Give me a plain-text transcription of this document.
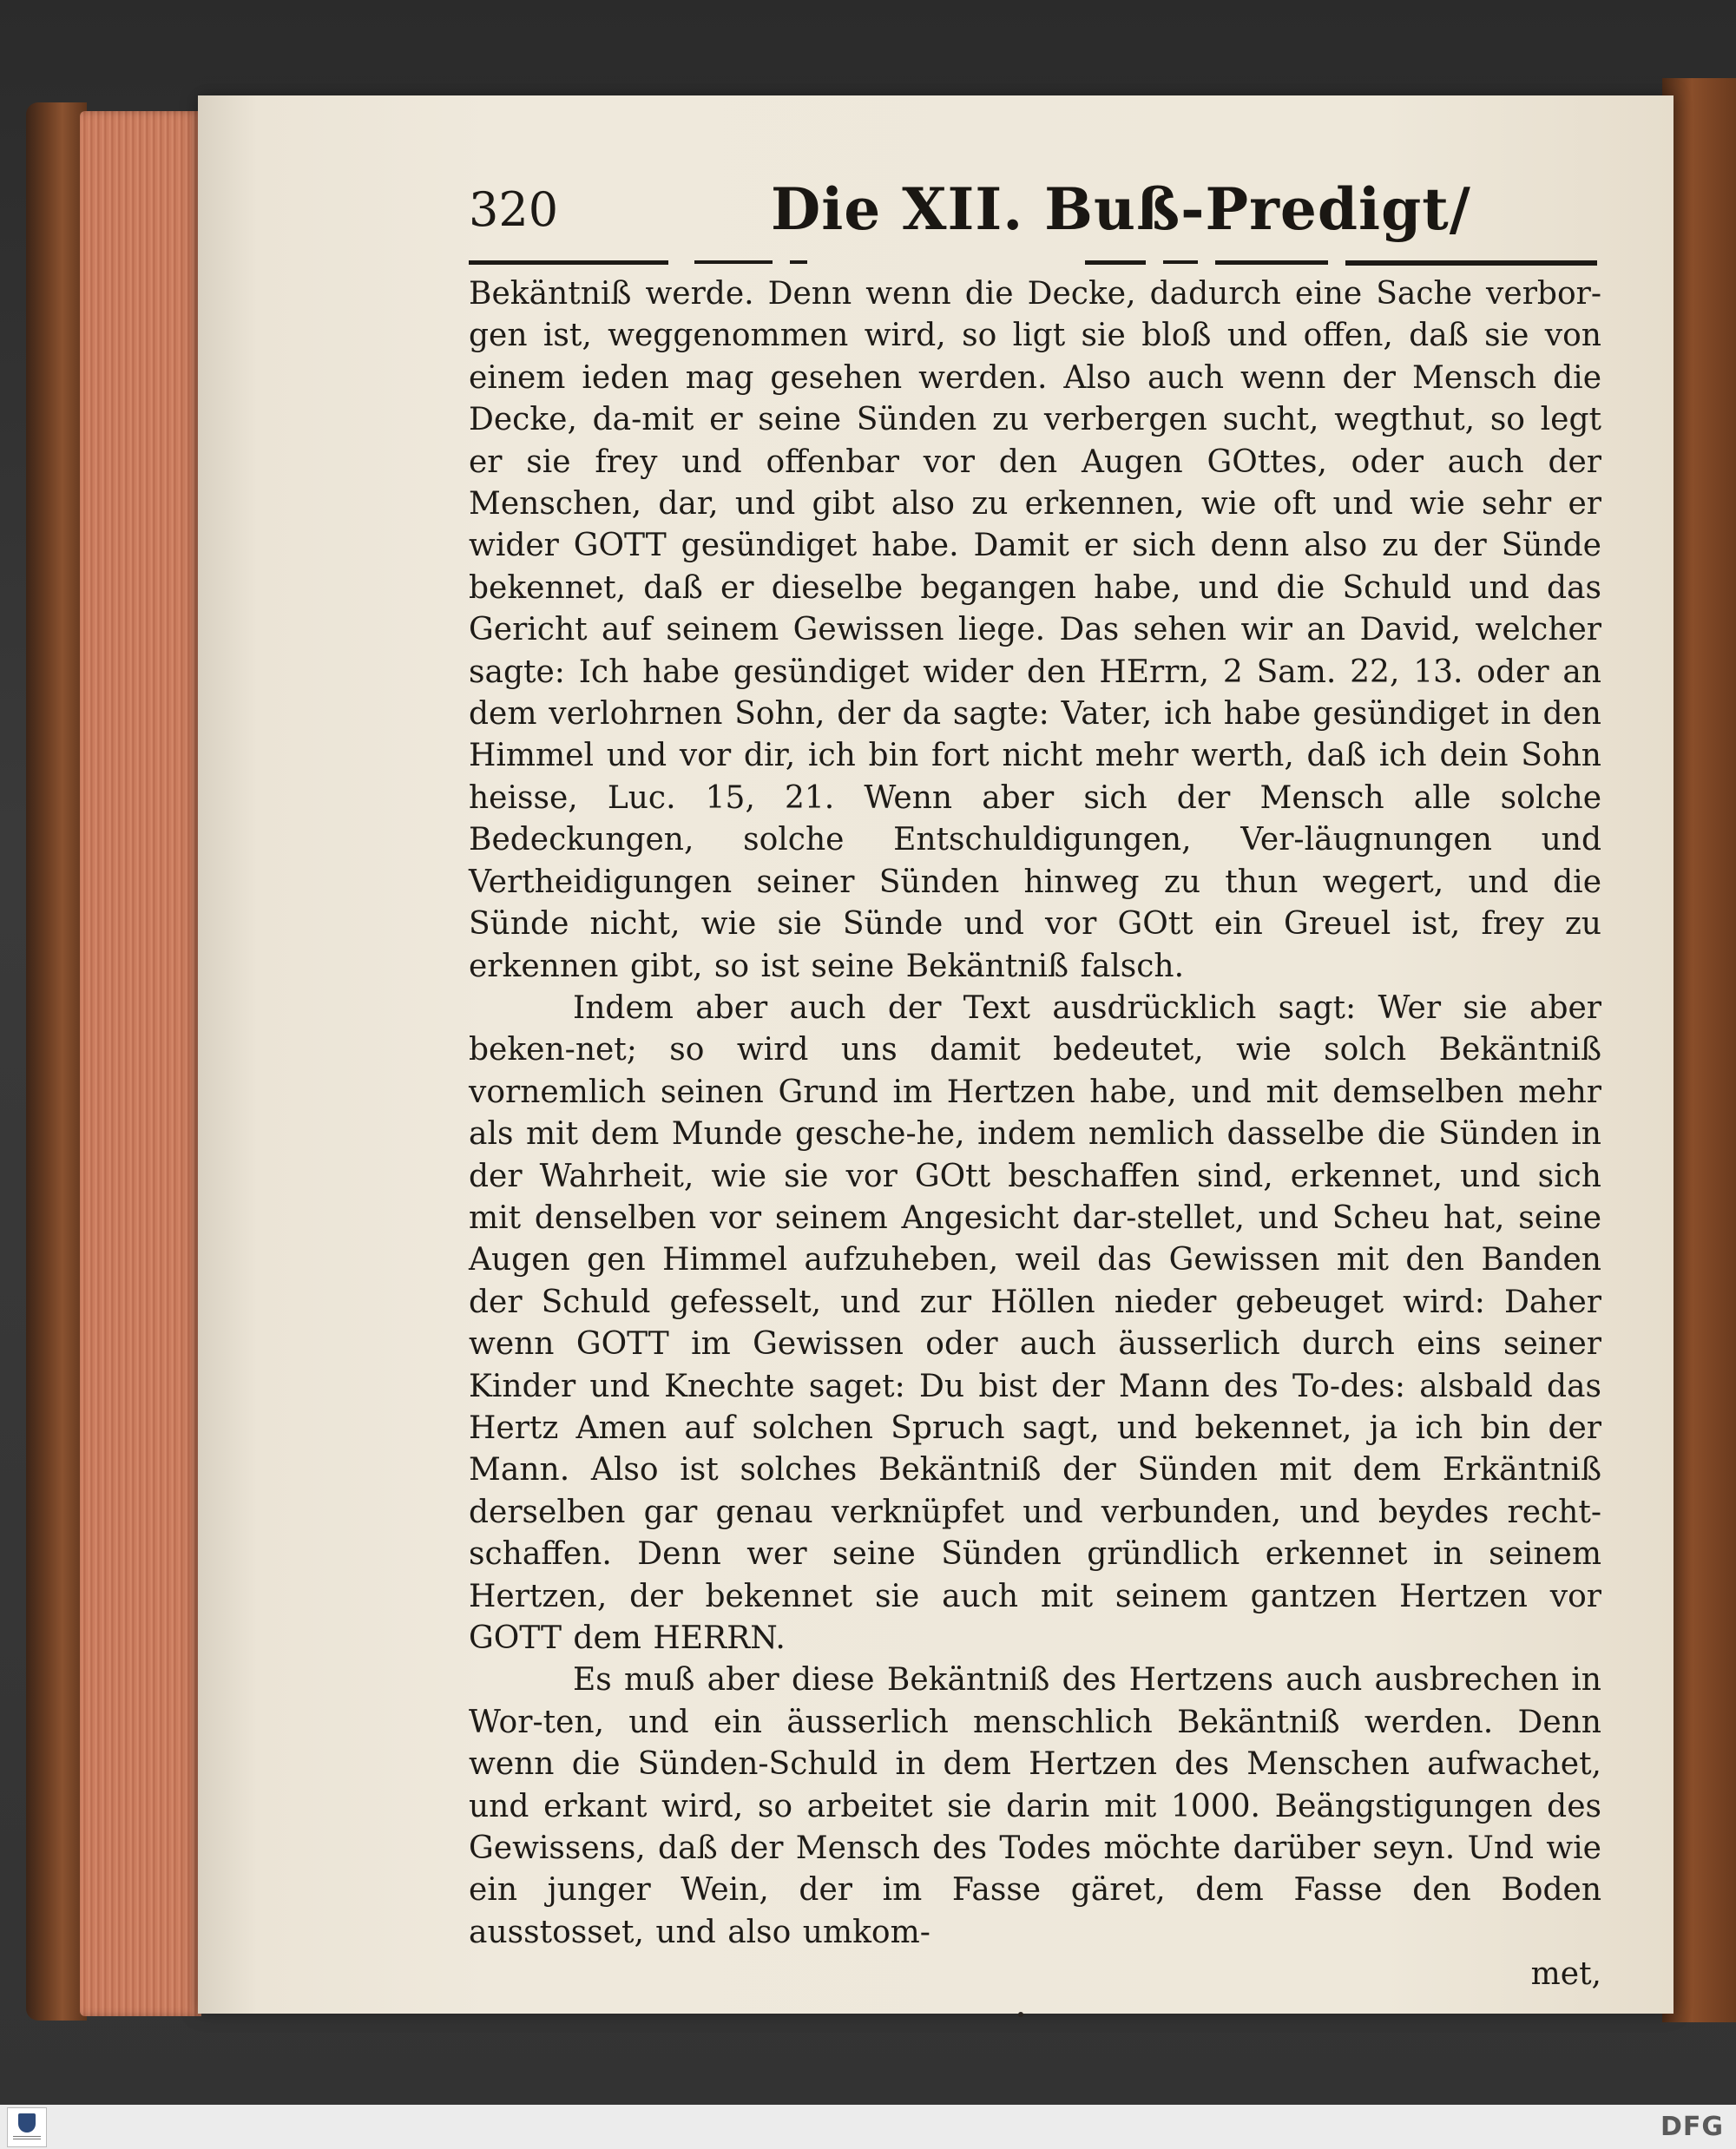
320	Die XII. Buß-Predigt/

Bekäntniß werde. Denn wenn die Decke, dadurch eine Sache verbor-gen ist, weggenommen wird, so ligt sie bloß und offen, daß sie von einem ieden mag gesehen werden. Also auch wenn der Mensch die Decke, da-mit er seine Sünden zu verbergen sucht, wegthut, so legt er sie frey und offenbar vor den Augen GOttes, oder auch der Menschen, dar, und gibt also zu erkennen, wie oft und wie sehr er wider GOTT gesündiget habe. Damit er sich denn also zu der Sünde bekennet, daß er dieselbe begangen habe, und die Schuld und das Gericht auf seinem Gewissen liege. Das sehen wir an David, welcher sagte: Ich habe gesündiget wider den HErrn, 2 Sam. 22, 13. oder an dem verlohrnen Sohn, der da sagte: Vater, ich habe gesündiget in den Himmel und vor dir, ich bin fort nicht mehr werth, daß ich dein Sohn heisse, Luc. 15, 21. Wenn aber sich der Mensch alle solche Bedeckungen, solche Entschuldigungen, Ver-läugnungen und Vertheidigungen seiner Sünden hinweg zu thun wegert, und die Sünde nicht, wie sie Sünde und vor GOtt ein Greuel ist, frey zu erkennen gibt, so ist seine Bekäntniß falsch.

Indem aber auch der Text ausdrücklich sagt: Wer sie aber beken-net; so wird uns damit bedeutet, wie solch Bekäntniß vornemlich seinen Grund im Hertzen habe, und mit demselben mehr als mit dem Munde gesche-he, indem nemlich dasselbe die Sünden in der Wahrheit, wie sie vor GOtt beschaffen sind, erkennet, und sich mit denselben vor seinem Angesicht dar-stellet, und Scheu hat, seine Augen gen Himmel aufzuheben, weil das Gewissen mit den Banden der Schuld gefesselt, und zur Höllen nieder gebeuget wird: Daher wenn GOTT im Gewissen oder auch äusserlich durch eins seiner Kinder und Knechte saget: Du bist der Mann des To-des: alsbald das Hertz Amen auf solchen Spruch sagt, und bekennet, ja ich bin der Mann. Also ist solches Bekäntniß der Sünden mit dem Erkäntniß derselben gar genau verknüpfet und verbunden, und beydes recht-schaffen. Denn wer seine Sünden gründlich erkennet in seinem Hertzen, der bekennet sie auch mit seinem gantzen Hertzen vor GOTT dem HERRN.

Es muß aber diese Bekäntniß des Hertzens auch ausbrechen in Wor-ten, und ein äusserlich menschlich Bekäntniß werden. Denn wenn die Sünden-Schuld in dem Hertzen des Menschen aufwachet, und erkant wird, so arbeitet sie darin mit 1000. Beängstigungen des Gewissens, daß der Mensch des Todes möchte darüber seyn. Und wie ein junger Wein, der im Fasse gäret, dem Fasse den Boden ausstosset, und also umkom-

met,

DFG
